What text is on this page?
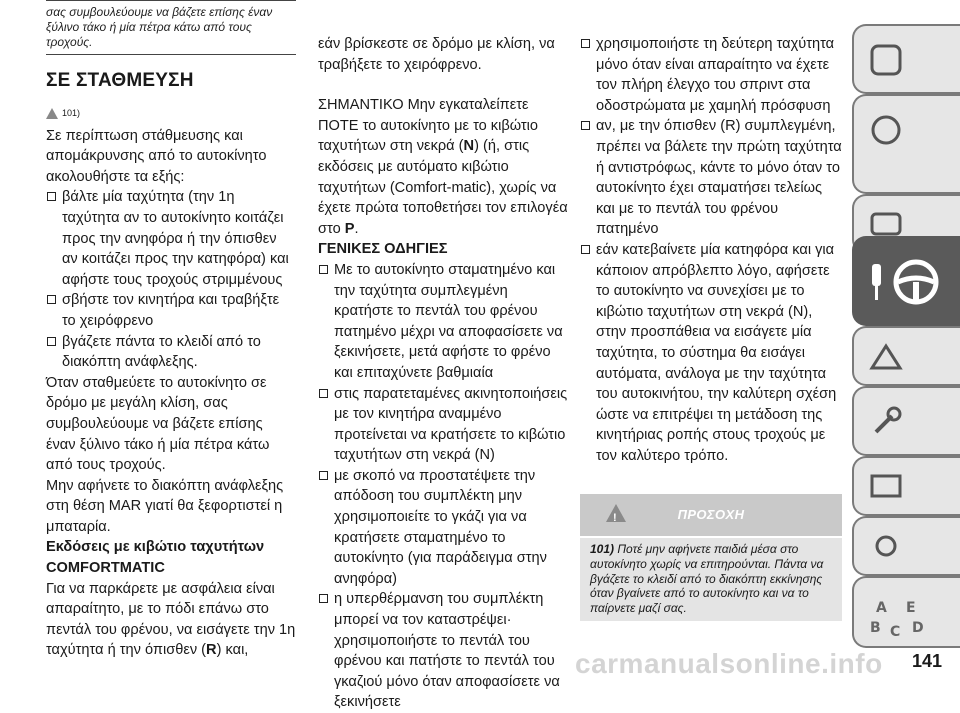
σας συμβουλεύουμε να βάζετε επίσης έναν ξύλινο τάκο ή μία πέτρα κάτω από τους τροχούς.

ΣΕ ΣΤΑΘΜΕΥΣΗ
101)

Σε περίπτωση στάθμευσης και απομάκρυνσης από το αυτοκίνητο ακολουθήστε τα εξής:

βάλτε μία ταχύτητα (την 1η ταχύτητα αν το αυτοκίνητο κοιτάζει προς την ανηφόρα ή την όπισθεν αν κοιτάζει προς την κατηφόρα) και αφήστε τους τροχούς στριμμένους
σβήστε τον κινητήρα και τραβήξτε το χειρόφρενο
βγάζετε πάντα το κλειδί από το διακόπτη ανάφλεξης.

Όταν σταθμεύετε το αυτοκίνητο σε δρόμο με μεγάλη κλίση, σας συμβουλεύουμε να βάζετε επίσης έναν ξύλινο τάκο ή μία πέτρα κάτω από τους τροχούς.

Μην αφήνετε το διακόπτη ανάφλεξης στη θέση MAR γιατί θα ξεφορτιστεί η μπαταρία.

Εκδόσεις με κιβώτιο ταχυτήτων COMFORTMATIC

Για να παρκάρετε με ασφάλεια είναι απαραίτητο, με το πόδι επάνω στο πεντάλ του φρένου, να εισάγετε την 1η ταχύτητα ή την όπισθεν (R) και,

εάν βρίσκεστε σε δρόμο με κλίση, να τραβήξετε το χειρόφρενο.

ΣΗΜΑΝΤΙΚΟ Μην εγκαταλείπετε ΠΟΤΕ το αυτοκίνητο με το κιβώτιο ταχυτήτων στη νεκρά (N) (ή, στις εκδόσεις με αυτόματο κιβώτιο ταχυτήτων (Comfort-matic), χωρίς να έχετε πρώτα τοποθετήσει τον επιλογέα στο P.

ΓΕΝΙΚΕΣ ΟΔΗΓΙΕΣ

Με το αυτοκίνητο σταματημένο και την ταχύτητα συμπλεγμένη κρατήστε το πεντάλ του φρένου πατημένο μέχρι να αποφασίσετε να ξεκινήσετε, μετά αφήστε το φρένο και επιταχύνετε βαθμιαία
στις παρατεταμένες ακινητοποιήσεις με τον κινητήρα αναμμένο προτείνεται να κρατήσετε το κιβώτιο ταχυτήτων στη νεκρά (N)
με σκοπό να προστατέψετε την απόδοση του συμπλέκτη μην χρησιμοποιείτε το γκάζι για να κρατήσετε σταματημένο το αυτοκίνητο (για παράδειγμα στην ανηφόρα)
η υπερθέρμανση του συμπλέκτη μπορεί να τον καταστρέψει· χρησιμοποιήστε το πεντάλ του φρένου και πατήστε το πεντάλ του γκαζιού μόνο όταν αποφασίσετε να ξεκινήσετε
χρησιμοποιήστε τη δεύτερη ταχύτητα μόνο όταν είναι απαραίτητο να έχετε τον πλήρη έλεγχο του σπριντ στα οδοστρώματα με χαμηλή πρόσφυση
αν, με την όπισθεν (R) συμπλεγμένη, πρέπει να βάλετε την πρώτη ταχύτητα ή αντιστρόφως, κάντε το μόνο όταν το αυτοκίνητο έχει σταματήσει τελείως και με το πεντάλ του φρένου πατημένο
εάν κατεβαίνετε μία κατηφόρα και για κάποιον απρόβλεπτο λόγο, αφήσετε το αυτοκίνητο να συνεχίσει με το κιβώτιο ταχυτήτων στη νεκρά (N), στην προσπάθεια να εισάγετε μία ταχύτητα, το σύστημα θα εισάγει αυτόματα, ανάλογα με την ταχύτητα του αυτοκινήτου, την καλύτερη σχέση ώστε να επιτρέψει τη μετάδοση της κινητήριας ροπής στους τροχούς με τον καλύτερο τρόπο.
!
ΠΡΟΣΟΧΗ
101) Ποτέ μην αφήνετε παιδιά μέσα στο αυτοκίνητο χωρίς να επιτηρούνται. Πάντα να βγάζετε το κλειδί από το διακόπτη εκκίνησης όταν βγαίνετε από το αυτοκίνητο και να το παίρνετε μαζί σας.	A E
B C D
141
carmanualsonline.info
